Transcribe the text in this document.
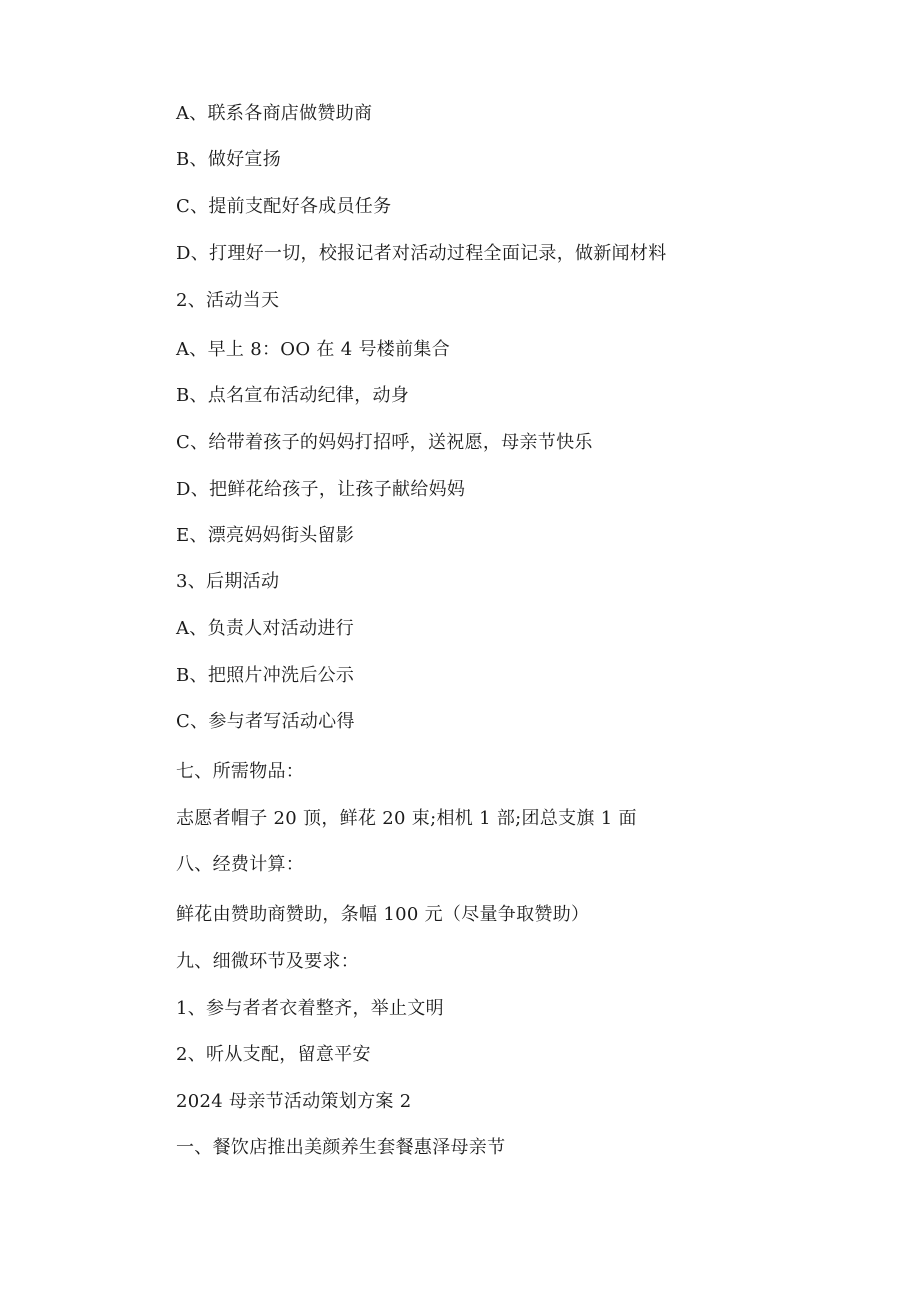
A、联系各商店做赞助商

B、做好宣扬

C、提前支配好各成员任务

D、打理好一切，校报记者对活动过程全面记录，做新闻材料

2、活动当天

A、早上 8：OO 在 4 号楼前集合

B、点名宣布活动纪律，动身

C、给带着孩子的妈妈打招呼，送祝愿，母亲节快乐

D、把鲜花给孩子，让孩子献给妈妈

E、漂亮妈妈街头留影

3、后期活动

A、负责人对活动进行

B、把照片冲洗后公示

C、参与者写活动心得

七、所需物品：

志愿者帽子 20 顶，鲜花 20 束;相机 1 部;团总支旗 1 面

八、经费计算：

鲜花由赞助商赞助，条幅 100 元（尽量争取赞助）

九、细微环节及要求：

1、参与者者衣着整齐，举止文明

2、听从支配，留意平安

2024 母亲节活动策划方案 2

一、餐饮店推出美颜养生套餐惠泽母亲节
